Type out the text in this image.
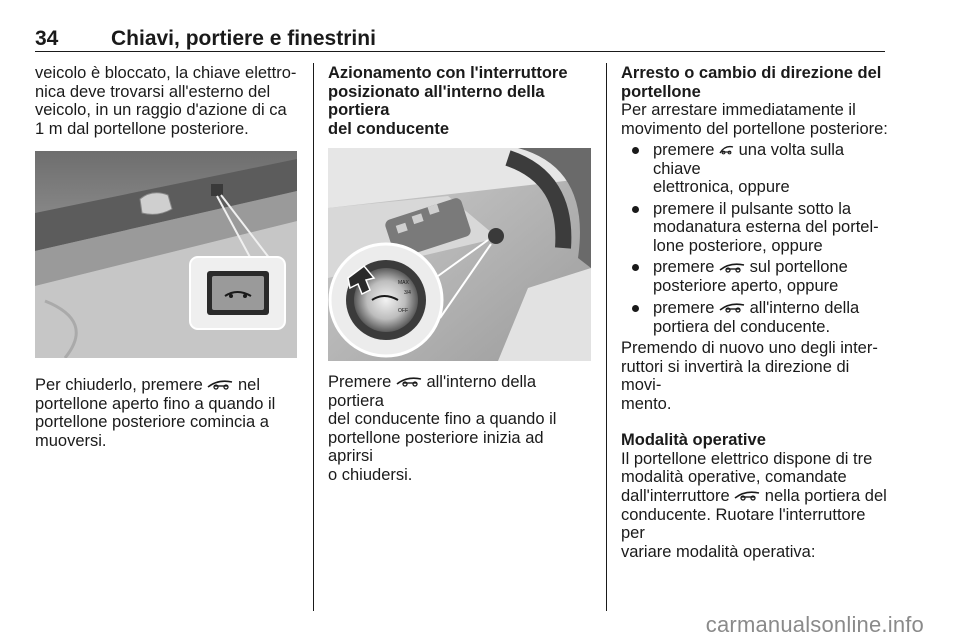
34	Chiavi, portiere e finestrini

veicolo è bloccato, la chiave elettro-
nica deve trovarsi all'esterno del
veicolo, in un raggio d'azione di ca
1 m dal portellone posteriore.

Per chiuderlo, premere  nel
portellone aperto fino a quando il
portellone posteriore comincia a
muoversi.

Azionamento con l'interruttore
posizionato all'interno della portiera
del conducente

MAX
3/4
OFF

Premere  all'interno della portiera
del conducente fino a quando il
portellone posteriore inizia ad aprirsi
o chiudersi.

Arresto o cambio di direzione del
portellone

Per arrestare immediatamente il
movimento del portellone posteriore:

premere  una volta sulla chiave
elettronica, oppure
premere il pulsante sotto la
modanatura esterna del portel-
lone posteriore, oppure
premere  sul portellone
posteriore aperto, oppure
premere  all'interno della
portiera del conducente.

Premendo di nuovo uno degli inter-
ruttori si invertirà la direzione di movi-
mento.

Modalità operative

Il portellone elettrico dispone di tre
modalità operative, comandate
dall'interruttore  nella portiera del
conducente. Ruotare l'interruttore per
variare modalità operativa:

carmanualsonline.info
